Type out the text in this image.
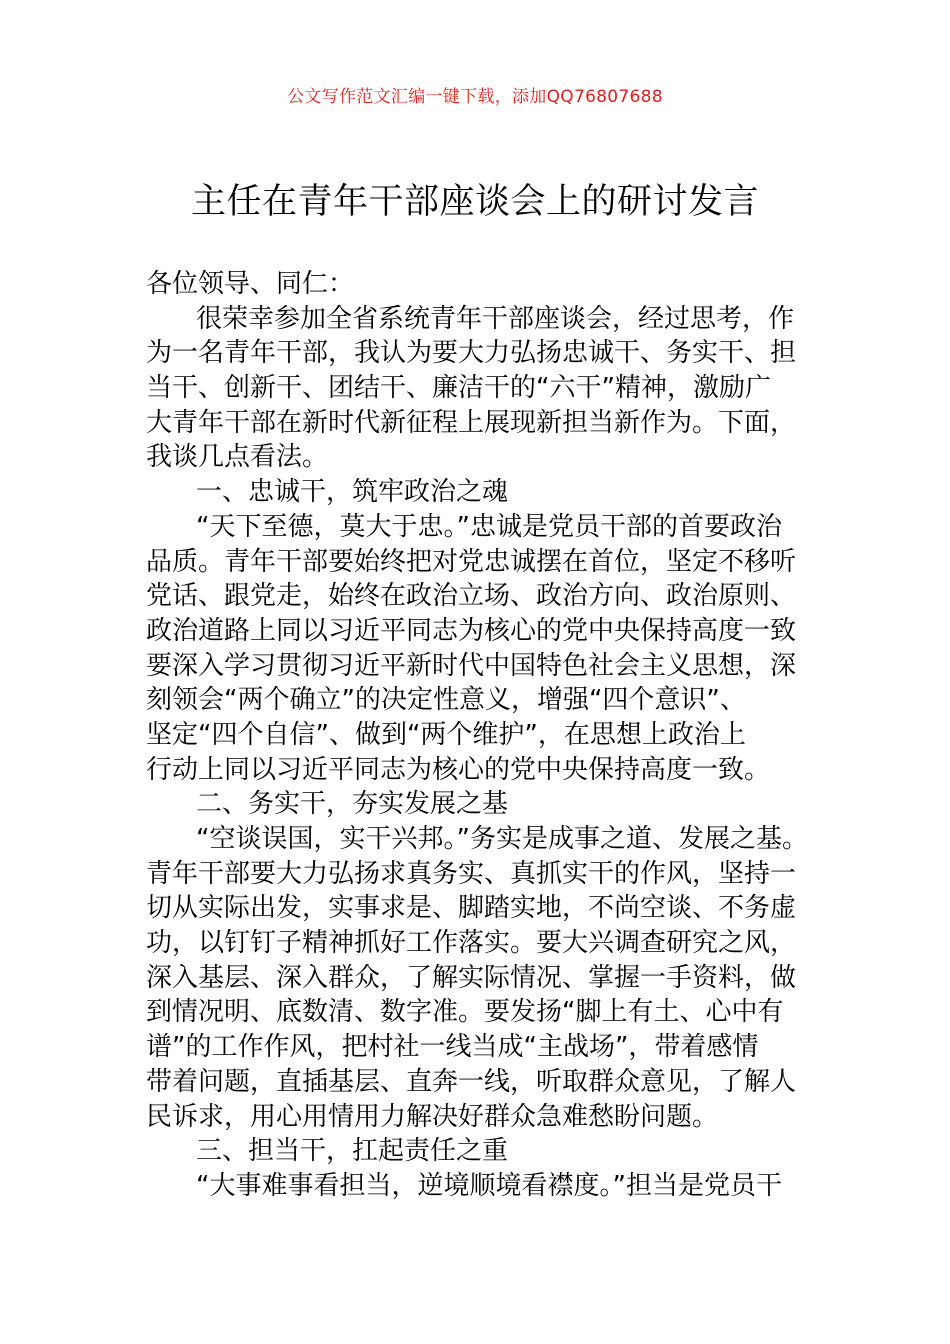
公文写作范文汇编一键下载，添加QQ76807688
主任在青年干部座谈会上的研讨发言
各位领导、同仁：
很荣幸参加全省系统青年干部座谈会，经过思考，作
为一名青年干部，我认为要大力弘扬忠诚干、务实干、担
当干、创新干、团结干、廉洁干的“六干”精神，激励广
大青年干部在新时代新征程上展现新担当新作为。下面，
我谈几点看法。
一、忠诚干，筑牢政治之魂
“天下至德，莫大于忠。”忠诚是党员干部的首要政治
品质。青年干部要始终把对党忠诚摆在首位，坚定不移听
党话、跟党走，始终在政治立场、政治方向、政治原则、
政治道路上同以习近平同志为核心的党中央保持高度一致
要深入学习贯彻习近平新时代中国特色社会主义思想，深
刻领会“两个确立”的决定性意义，增强“四个意识”、
坚定“四个自信”、做到“两个维护”，在思想上政治上
行动上同以习近平同志为核心的党中央保持高度一致。
二、务实干，夯实发展之基
“空谈误国，实干兴邦。”务实是成事之道、发展之基。
青年干部要大力弘扬求真务实、真抓实干的作风，坚持一
切从实际出发，实事求是、脚踏实地，不尚空谈、不务虚
功，以钉钉子精神抓好工作落实。要大兴调查研究之风，
深入基层、深入群众，了解实际情况、掌握一手资料，做
到情况明、底数清、数字准。要发扬“脚上有土、心中有
谱”的工作作风，把村社一线当成“主战场”，带着感情
带着问题，直插基层、直奔一线，听取群众意见，了解人
民诉求，用心用情用力解决好群众急难愁盼问题。
三、担当干，扛起责任之重
“大事难事看担当，逆境顺境看襟度。”担当是党员干
